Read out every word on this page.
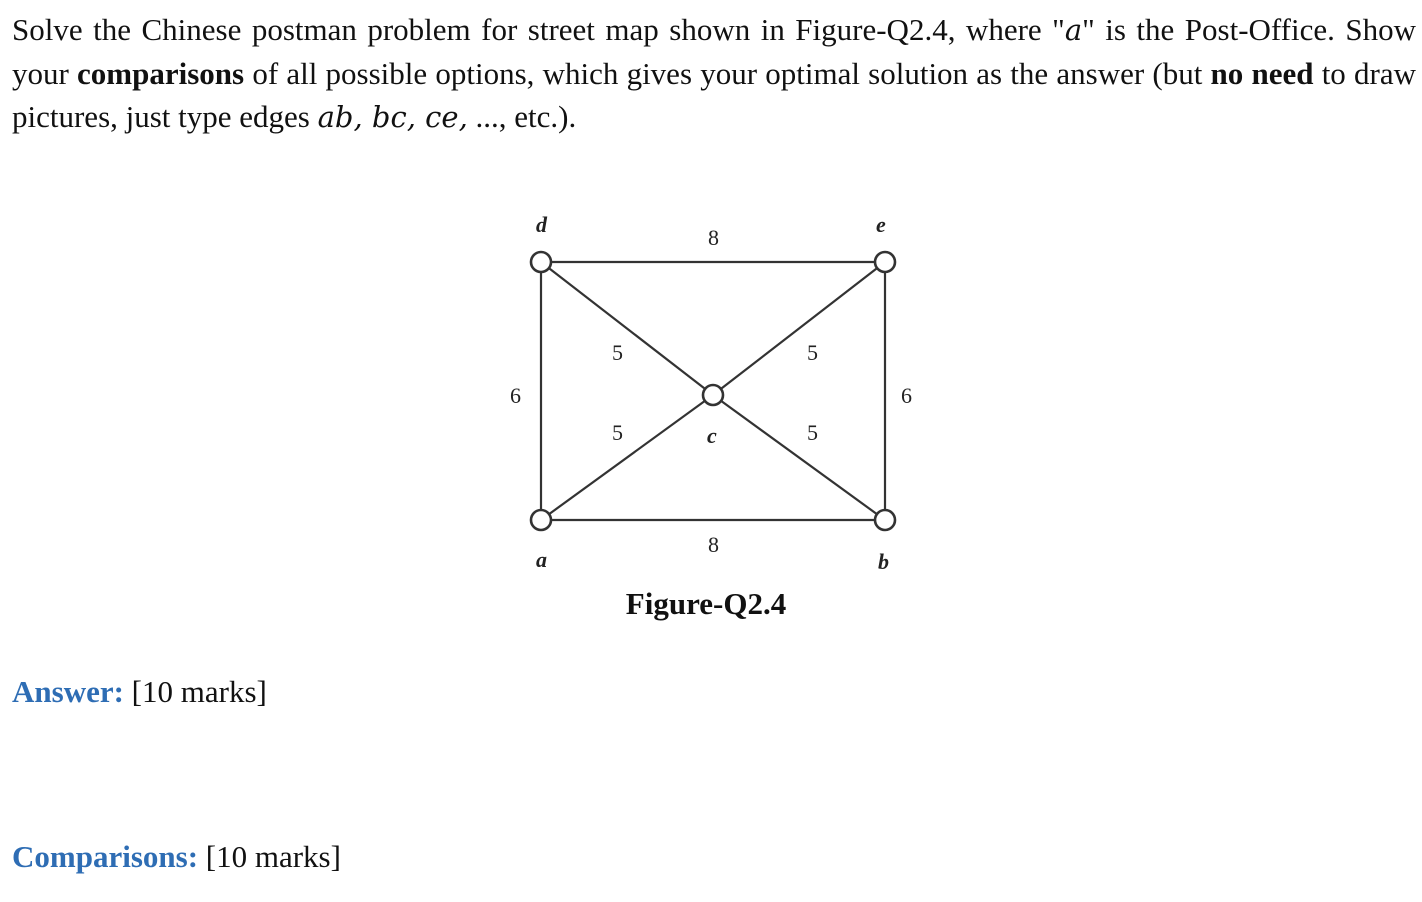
Solve the Chinese postman problem for street map shown in Figure-Q2.4, where "a" is the Post-Office. Show your comparisons of all possible options, which gives your optimal solution as the answer (but no need to draw pictures, just type edges ab, bc, ce, ..., etc.).
d	e
c
a	b
8
8
6	6
5	5
5	5
Figure-Q2.4
Answer: [10 marks]
Comparisons: [10 marks]
